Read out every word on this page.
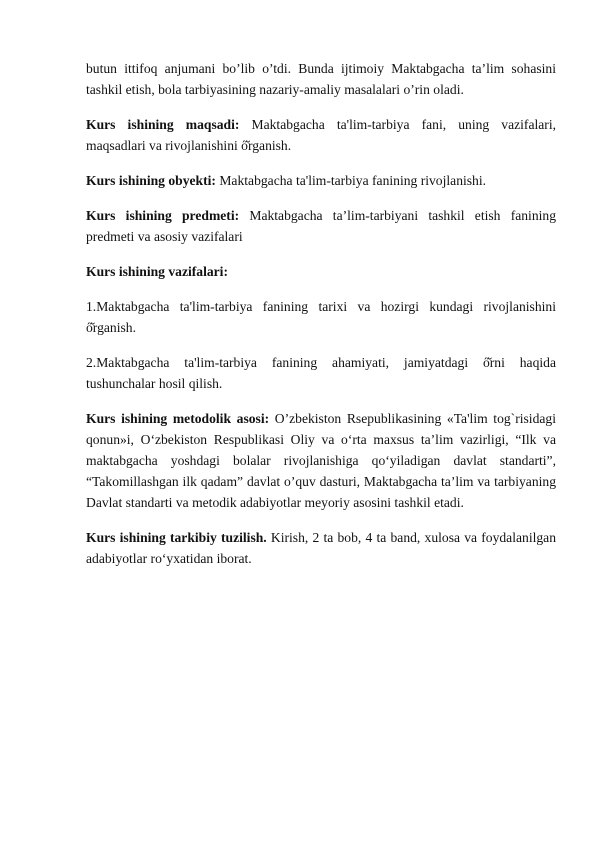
butun ittifoq anjumani bo’lib o’tdi. Bunda ijtimoiy Maktabgacha ta’lim sohasini tashkil etish, bola tarbiyasining nazariy-amaliy masalalari o’rin oladi.

Kurs ishining maqsadi: Maktabgacha ta'lim-tarbiya fani, uning vazifalari, maqsadlari va rivojlanishini ő̆rganish.

Kurs ishining obyekti: Maktabgacha ta'lim-tarbiya fanining rivojlanishi.

Kurs ishining predmeti: Maktabgacha ta’lim-tarbiyani tashkil etish fanining predmeti va asosiy vazifalari

Kurs ishining vazifalari:

1.Maktabgacha ta'lim-tarbiya fanining tarixi va hozirgi kundagi rivojlanishini ő̆rganish.

2.Maktabgacha ta'lim-tarbiya fanining ahamiyati, jamiyatdagi ő̆rni haqida tushunchalar hosil qilish.

Kurs ishining metodolik asosi: O’zbekiston Rsepublikasining «Ta'lim tog`risidagi qonun»i, O‘zbekiston Respublikasi Oliy va o‘rta maxsus ta’lim vazirligi, “Ilk va maktabgacha yoshdagi bolalar rivojlanishiga qo‘yiladigan davlat standarti”, “Takomillashgan ilk qadam” davlat o’quv dasturi, Maktabgacha ta’lim va tarbiyaning Davlat standarti va metodik adabiyotlar meyoriy asosini tashkil etadi.

Kurs ishining tarkibiy tuzilish. Kirish, 2 ta bob, 4 ta band, xulosa va foydalanilgan adabiyotlar ro‘yxatidan iborat.
